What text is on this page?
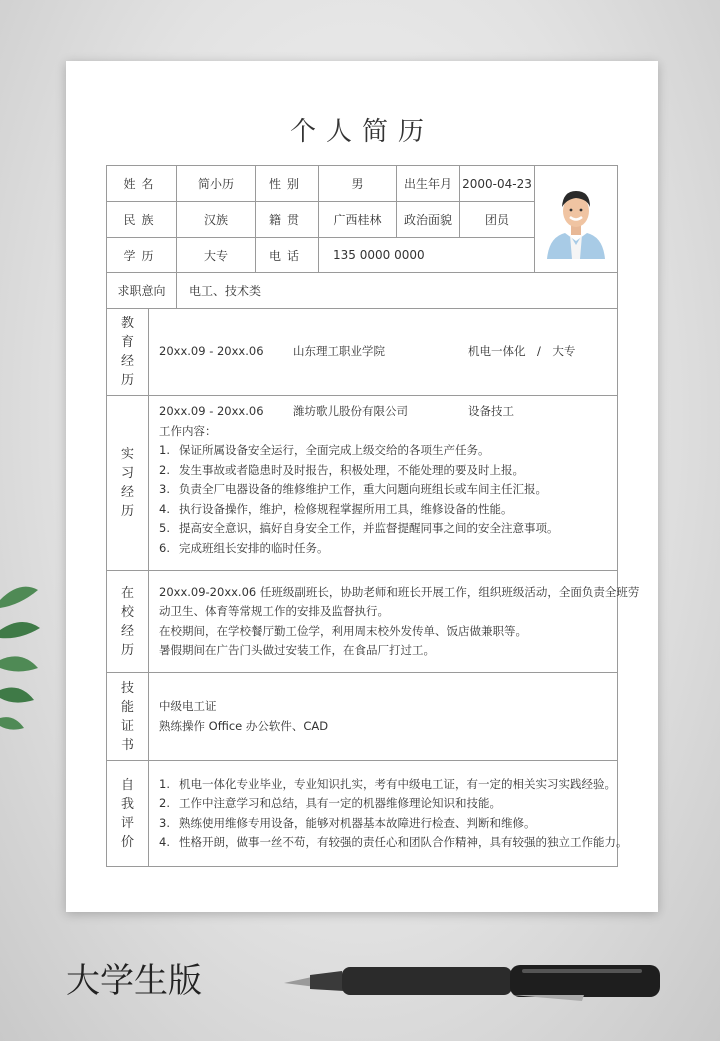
个人简历
姓名	简小历	性别	男	出生年月 2000-04-23
民族	汉族	籍贯	广西桂林	政治面貌	团员
学历	大专	电话	135 0000 0000
求职意向	电工、技术类
教育经历
20xx.09 - 20xx.06	山东理工职业学院	机电一体化　/　大专
实习经历
20xx.09 - 20xx.06	潍坊歌儿股份有限公司	设备技工
工作内容：
1. 保证所属设备安全运行，全面完成上级交给的各项生产任务。
2. 发生事故或者隐患时及时报告，积极处理，不能处理的要及时上报。
3. 负责全厂电器设备的维修维护工作，重大问题向班组长或车间主任汇报。
4. 执行设备操作，维护，检修规程掌握所用工具，维修设备的性能。
5. 提高安全意识，搞好自身安全工作，并监督提醒同事之间的安全注意事项。
6. 完成班组长安排的临时任务。
在校经历
20xx.09-20xx.06 任班级副班长，协助老师和班长开展工作，组织班级活动，全面负责全班劳
动卫生、体育等常规工作的安排及监督执行。
在校期间，在学校餐厅勤工俭学，利用周末校外发传单、饭店做兼职等。
暑假期间在广告门头做过安装工作，在食品厂打过工。
技能证书
中级电工证
熟练操作 Office 办公软件、CAD
自我评价
1. 机电一体化专业毕业，专业知识扎实，考有中级电工证，有一定的相关实习实践经验。
2. 工作中注意学习和总结，具有一定的机器维修理论知识和技能。
3. 熟练使用维修专用设备，能够对机器基本故障进行检查、判断和维修。
4. 性格开朗，做事一丝不苟，有较强的责任心和团队合作精神，具有较强的独立工作能力。
大学生版
